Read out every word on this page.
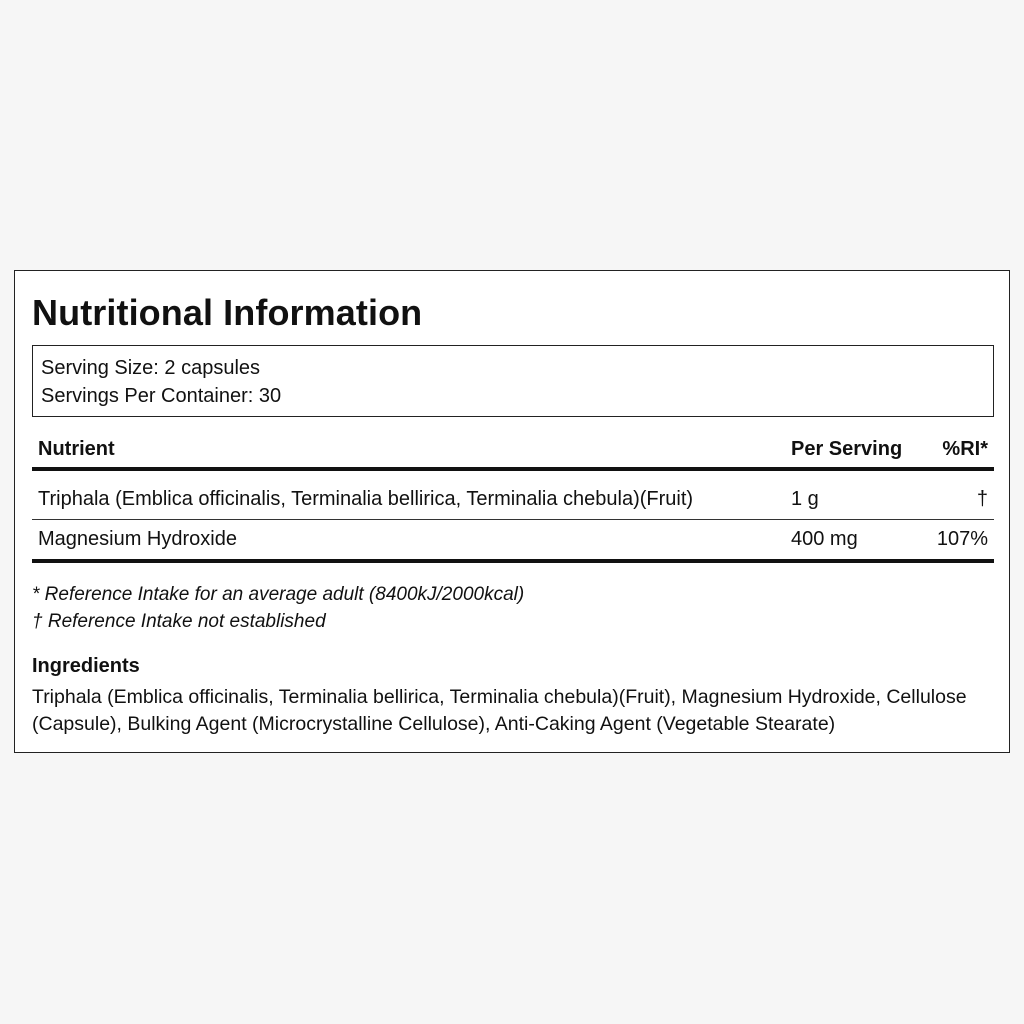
Nutritional Information
Serving Size: 2 capsules
Servings Per Container: 30
Nutrient	Per Serving	%RI*
Triphala (Emblica officinalis, Terminalia bellirica, Terminalia chebula)(Fruit)	1 g	†
Magnesium Hydroxide	400 mg	107%
* Reference Intake for an average adult (8400kJ/2000kcal)
† Reference Intake not established
Ingredients

Triphala (Emblica officinalis, Terminalia bellirica, Terminalia chebula)(Fruit), Magnesium Hydroxide, Cellulose (Capsule), Bulking Agent (Microcrystalline Cellulose), Anti-Caking Agent (Vegetable Stearate)
